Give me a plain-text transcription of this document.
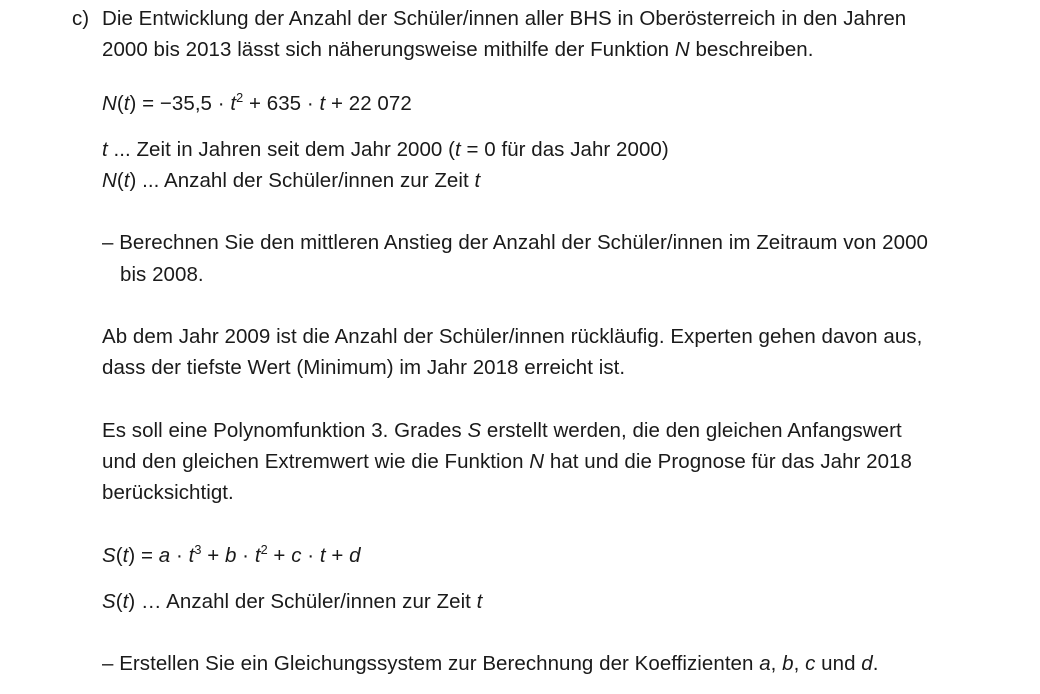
c) Die Entwicklung der Anzahl der Schüler/innen aller BHS in Oberösterreich in den Jahren
2000 bis 2013 lässt sich näherungsweise mithilfe der Funktion N beschreiben.
$N(t) = -35,5 \cdot t^2 + 635 \cdot t + 22$ 072
t ... Zeit in Jahren seit dem Jahr 2000 (t = 0 für das Jahr 2000)
N(t) ... Anzahl der Schüler/innen zur Zeit t
– Berechnen Sie den mittleren Anstieg der Anzahl der Schüler/innen im Zeitraum von 2000
bis 2008.
Ab dem Jahr 2009 ist die Anzahl der Schüler/innen rückläufig. Experten gehen davon aus,
dass der tiefste Wert (Minimum) im Jahr 2018 erreicht ist.
Es soll eine Polynomfunktion 3. Grades S erstellt werden, die den gleichen Anfangswert
und den gleichen Extremwert wie die Funktion N hat und die Prognose für das Jahr 2018
berücksichtigt.
$S(t) = a \cdot t^3 + b \cdot t^2 + c \cdot t + d$
S(t) … Anzahl der Schüler/innen zur Zeit t
– Erstellen Sie ein Gleichungssystem zur Berechnung der Koeffizienten a, b, c und d.
